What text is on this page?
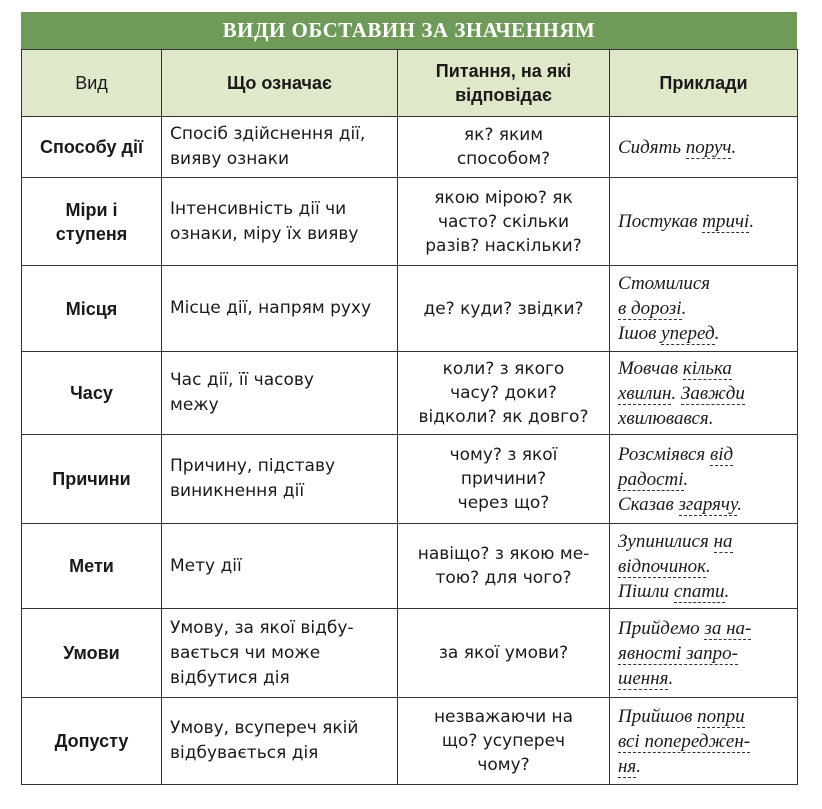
ВИДИ ОБСТАВИН ЗА ЗНАЧЕННЯМ
Вид	Що означає	Питання, на які відповідає	Приклади

Способу дії	Спосіб здійснення дії,
вияву ознаки	як? яким
способом?	Сидять поруч.

Міри і
ступеня	Інтенсивність дії чи
ознаки, міру їх вияву	якою мірою? як
часто? скільки
разів? наскільки?	Постукав тричі.

Місця	Місце дії, напрям руху	де? куди? звідки?	Стомилися
в дорозі.
Ішов уперед.

Часу	Час дії, її часову
межу	коли? з якого
часу? доки?
відколи? як довго?	Мовчав кілька
хвилин. Завжди
хвилювався.

Причини	Причину, підставу
виникнення дії	чому? з якої
причини?
через що?	Розсміявся від
радості.
Сказав згарячу.

Мети	Мету дії	навіщо? з якою ме-
тою? для чого?	Зупинилися на
відпочинок.
Пішли спати.

Умови	Умову, за якої відбу-
вається чи може
відбутися дія	за якої умови?	Прийдемо за на-
явності запро-
шення.

Допусту	Умову, всупереч якій
відбувається дія	незважаючи на
що? усупереч
чому?	Прийшов попри
всі попереджен-
ня.
